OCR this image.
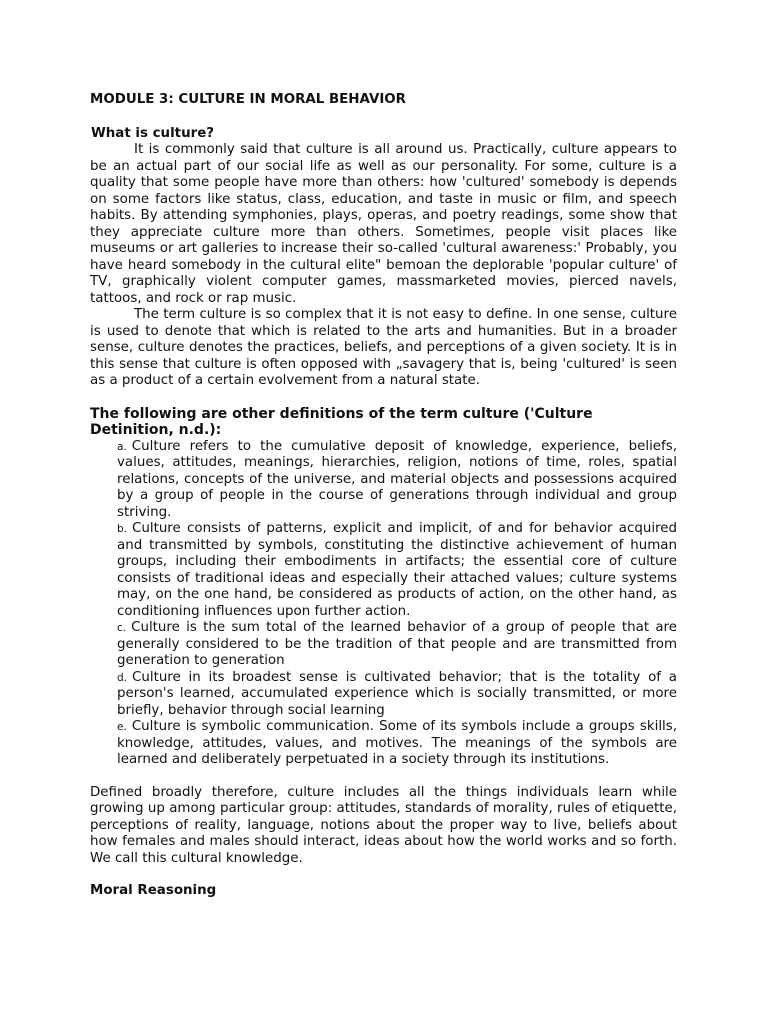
MODULE 3: CULTURE IN MORAL BEHAVIOR
What is culture?

It is commonly said that culture is all around us. Practically, culture appears to be an actual part of our social life as well as our personality. For some, culture is a quality that some people have more than others: how 'cultured' somebody is depends on some factors like status, class, education, and taste in music or film, and speech habits. By attending symphonies, plays, operas, and poetry readings, some show that they appreciate culture more than others. Sometimes, people visit places like museums or art galleries to increase their so-called 'cultural awareness:' Probably, you have heard somebody in the cultural elite" bemoan the deplorable 'popular culture' of TV, graphically violent computer games, massmarketed movies, pierced navels, tattoos, and rock or rap music.

The term culture is so complex that it is not easy to define. In one sense, culture is used to denote that which is related to the arts and humanities. But in a broader sense, culture denotes the practices, beliefs, and perceptions of a given society. It is in this sense that culture is often opposed with „savagery that is, being 'cultured' is seen as a product of a certain evolvement from a natural state.

The following are other definitions of the term culture ('Culture Detinition, n.d.):
a. Culture refers to the cumulative deposit of knowledge, experience, beliefs, values, attitudes, meanings, hierarchies, religion, notions of time, roles, spatial relations, concepts of the universe, and material objects and possessions acquired by a group of people in the course of generations through individual and group striving.
b. Culture consists of patterns, explicit and implicit, of and for behavior acquired and transmitted by symbols, constituting the distinctive achievement of human groups, including their embodiments in artifacts; the essential core of culture consists of traditional ideas and especially their attached values; culture systems may, on the one hand, be considered as products of action, on the other hand, as conditioning influences upon further action.
c. Culture is the sum total of the learned behavior of a group of people that are generally considered to be the tradition of that people and are transmitted from generation to generation
d. Culture in its broadest sense is cultivated behavior; that is the totality of a person's learned, accumulated experience which is socially transmitted, or more briefly, behavior through social learning
e. Culture is symbolic communication. Some of its symbols include a groups skills, knowledge, attitudes, values, and motives. The meanings of the symbols are learned and deliberately perpetuated in a society through its institutions.

Defined broadly therefore, culture includes all the things individuals learn while growing up among particular group: attitudes, standards of morality, rules of etiquette, perceptions of reality, language, notions about the proper way to live, beliefs about how females and males should interact, ideas about how the world works and so forth. We call this cultural knowledge.

Moral Reasoning
